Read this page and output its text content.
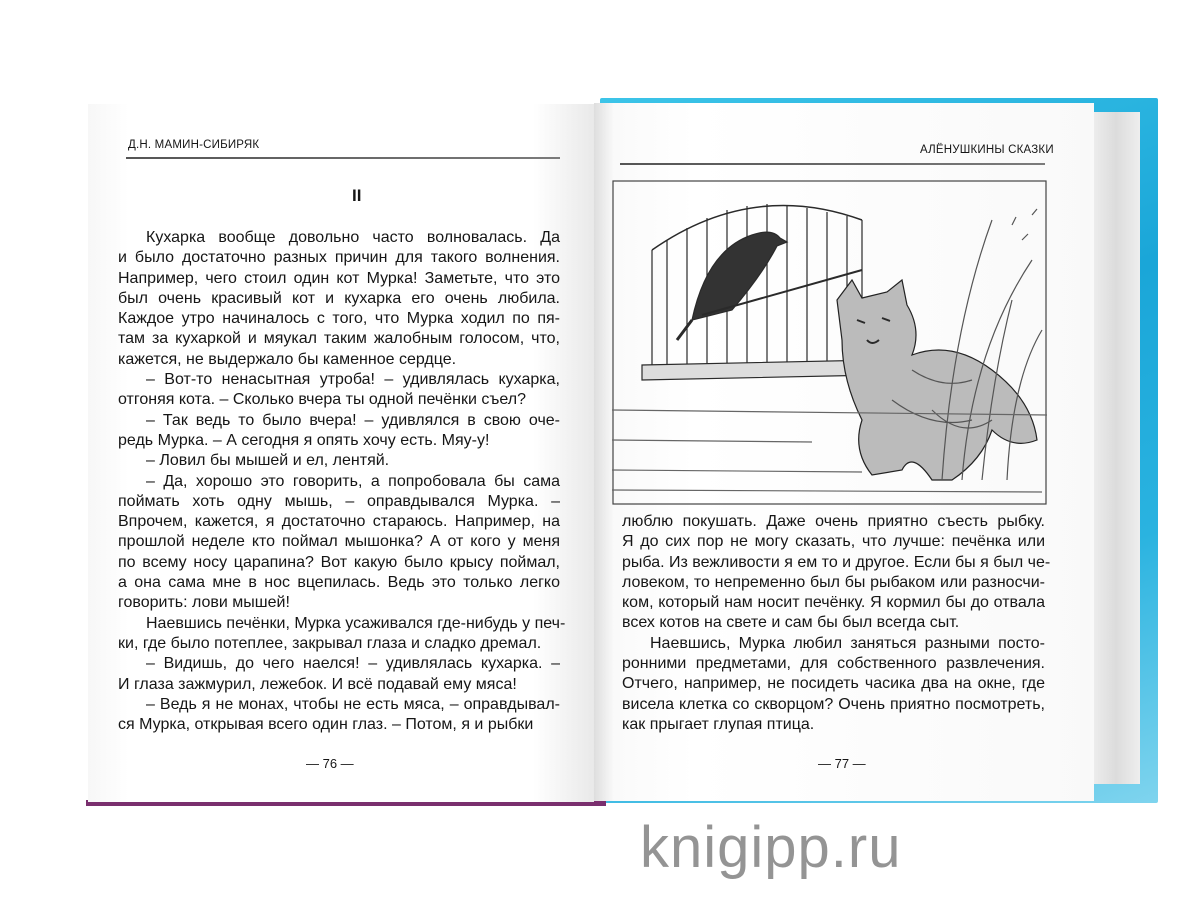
Д.Н. МАМИН-СИБИРЯК
II
Кухарка вообще довольно часто волновалась. Да
и было достаточно разных причин для такого волнения.
Например, чего стоил один кот Мурка! Заметьте, что это
был очень красивый кот и кухарка его очень любила.
Каждое утро начиналось с того, что Мурка ходил по пя-
там за кухаркой и мяукал таким жалобным голосом, что,
кажется, не выдержало бы каменное сердце.
– Вот-то ненасытная утроба! – удивлялась кухарка,
отгоняя кота. – Сколько вчера ты одной печёнки съел?
– Так ведь то было вчера! – удивлялся в свою оче-
редь Мурка. – А сегодня я опять хочу есть. Мяу-у!
– Ловил бы мышей и ел, лентяй.
– Да, хорошо это говорить, а попробовала бы сама
поймать хоть одну мышь, – оправдывался Мурка. –
Впрочем, кажется, я достаточно стараюсь. Например, на
прошлой неделе кто поймал мышонка? А от кого у меня
по всему носу царапина? Вот какую было крысу поймал,
а она сама мне в нос вцепилась. Ведь это только легко
говорить: лови мышей!
Наевшись печёнки, Мурка усаживался где-нибудь у печ-
ки, где было потеплее, закрывал глаза и сладко дремал.
– Видишь, до чего наелся! – удивлялась кухарка. –
И глаза зажмурил, лежебок. И всё подавай ему мяса!
– Ведь я не монах, чтобы не есть мяса, – оправдывал-
ся Мурка, открывая всего один глаз. – Потом, я и рыбки
— 76 —
АЛЁНУШКИНЫ СКАЗКИ
люблю покушать. Даже очень приятно съесть рыбку.
Я до сих пор не могу сказать, что лучше: печёнка или
рыба. Из вежливости я ем то и другое. Если бы я был че-
ловеком, то непременно был бы рыбаком или разносчи-
ком, который нам носит печёнку. Я кормил бы до отвала
всех котов на свете и сам бы был всегда сыт.
Наевшись, Мурка любил заняться разными посто-
ронними предметами, для собственного развлечения.
Отчего, например, не посидеть часика два на окне, где
висела клетка со скворцом? Очень приятно посмотреть,
как прыгает глупая птица.
— 77 —
knigipp.ru
